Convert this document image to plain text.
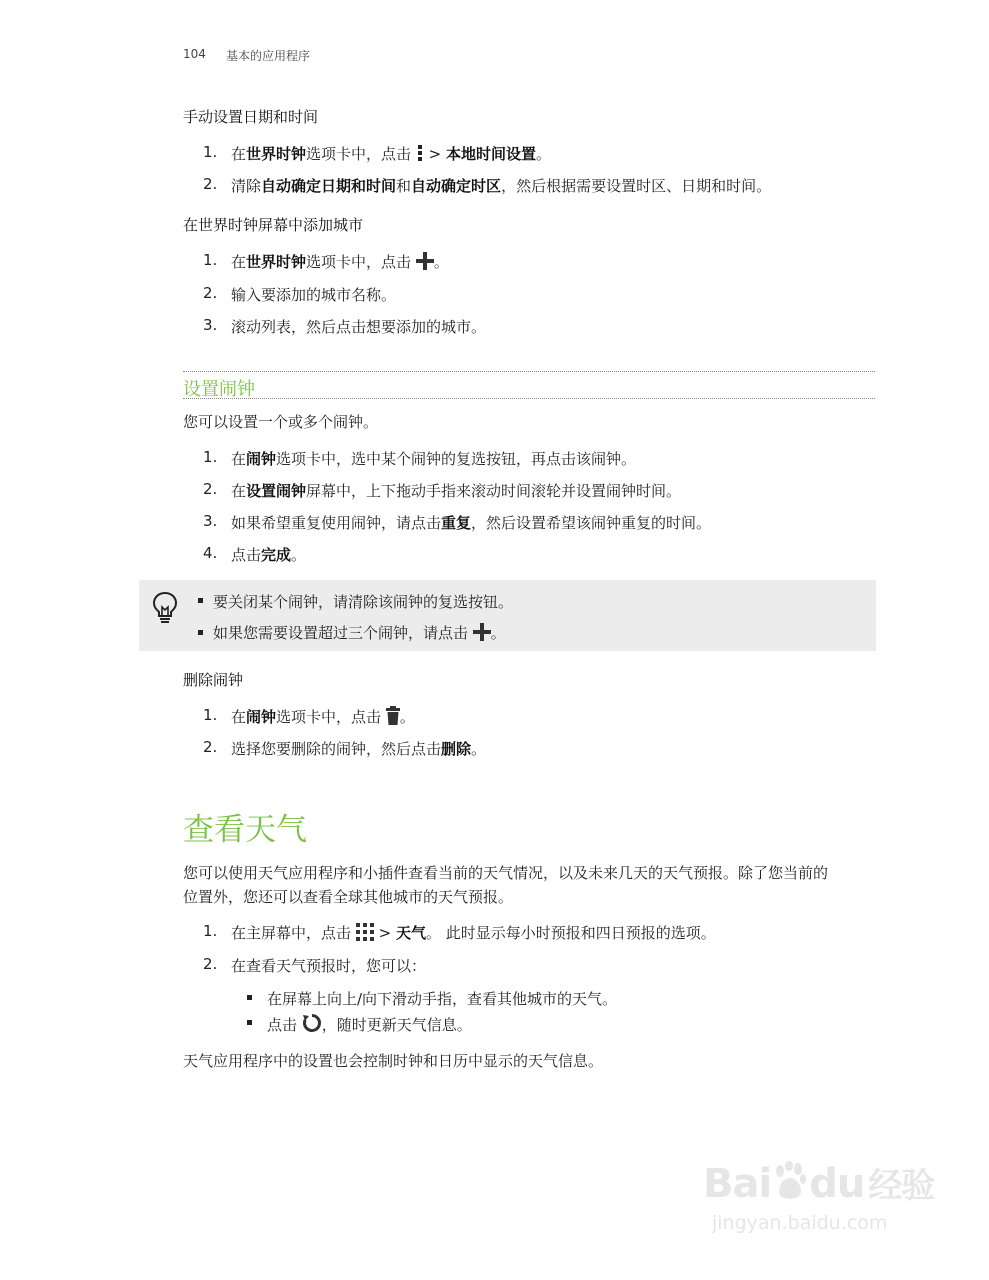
104 基本的应用程序
手动设置日期和时间
1. 在世界时钟选项卡中，点击 > 本地时间设置。
2. 清除自动确定日期和时间和自动确定时区，然后根据需要设置时区、日期和时间。
在世界时钟屏幕中添加城市
1. 在世界时钟选项卡中，点击 。
2. 输入要添加的城市名称。
3. 滚动列表，然后点击想要添加的城市。
设置闹钟
您可以设置一个或多个闹钟。
1. 在闹钟选项卡中，选中某个闹钟的复选按钮，再点击该闹钟。
2. 在设置闹钟屏幕中，上下拖动手指来滚动时间滚轮并设置闹钟时间。
3. 如果希望重复使用闹钟，请点击重复，然后设置希望该闹钟重复的时间。
4. 点击完成。
要关闭某个闹钟，请清除该闹钟的复选按钮。
如果您需要设置超过三个闹钟，请点击 。
删除闹钟
1. 在闹钟选项卡中，点击 。
2. 选择您要删除的闹钟，然后点击删除。
查看天气
您可以使用天气应用程序和小插件查看当前的天气情况，以及未来几天的天气预报。除了您当前的
位置外，您还可以查看全球其他城市的天气预报。
1. 在主屏幕中，点击 > 天气。 此时显示每小时预报和四日预报的选项。
2. 在查看天气预报时，您可以：
在屏幕上向上/向下滑动手指，查看其他城市的天气。
点击 ，随时更新天气信息。
天气应用程序中的设置也会控制时钟和日历中显示的天气信息。
Bai du 经验
jingyan.baidu.com
